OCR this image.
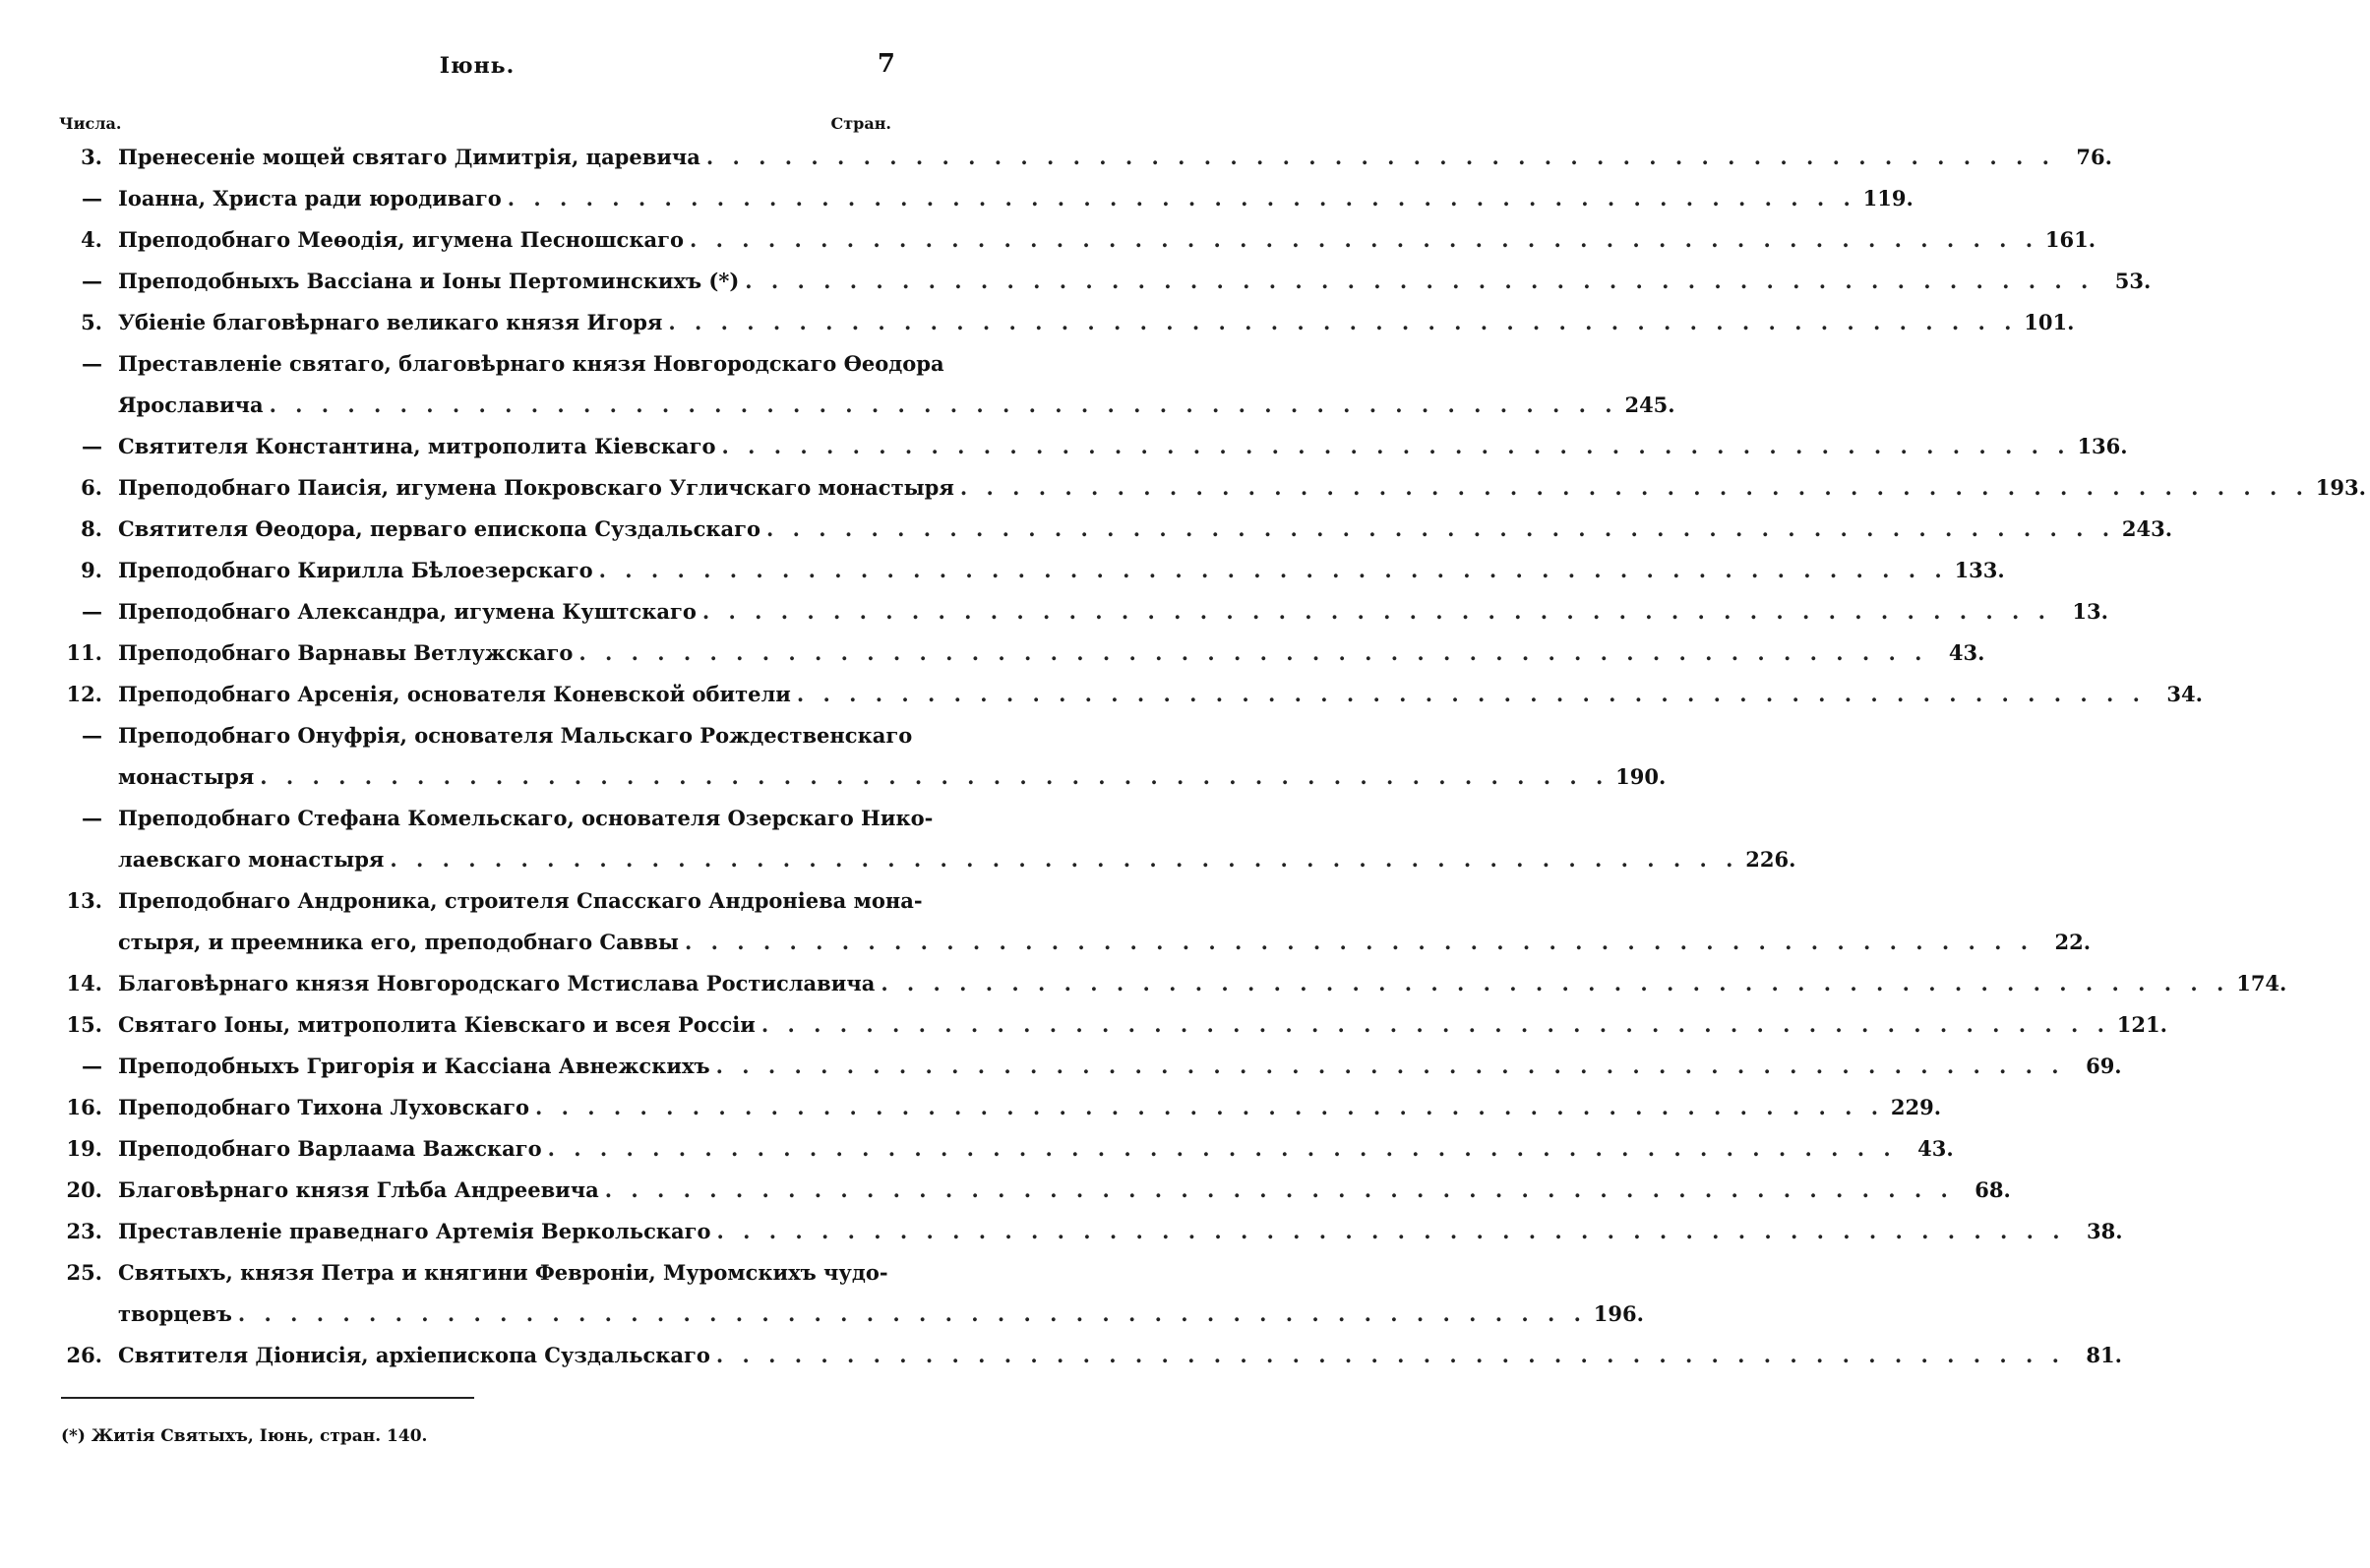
Іюнь.	7
Числа.	Стран.
3. Пренесеніе мощей святаго Димитрія, царевича . . .	76.
— Іоанна, Христа ради юродиваго . . .	119.
4. Преподобнаго Меѳодія, игумена Песношскаго . . .	161.
— Преподобныхъ Вассіана и Іоны Пертоминскихъ (*) . . .	53.
5. Убіеніе благовѣрнаго великаго князя Игоря . . .	101.
— Преставленіе святаго, благовѣрнаго князя Новгородскаго Ѳеодора
Ярославича . . .	245.
— Святителя Константина, митрополита Кіевскаго . . .	136.
6. Преподобнаго Паисія, игумена Покровскаго Угличскаго монастыря . . .	193.
8. Святителя Ѳеодора, перваго епископа Суздальскаго . . .	243.
9. Преподобнаго Кирилла Бѣлоезерскаго . . .	133.
— Преподобнаго Александра, игумена Куштскаго . . .	13.
11. Преподобнаго Варнавы Ветлужскаго . . .	43.
12. Преподобнаго Арсенія, основателя Коневской обители . . .	34.
— Преподобнаго Онуфрія, основателя Мальскаго Рождественскаго
монастыря . . .	190.
— Преподобнаго Стефана Комельскаго, основателя Озерскаго Нико-
лаевскаго монастыря . . .	226.
13. Преподобнаго Андроника, строителя Спасскаго Андроніева мона-
стыря, и преемника его, преподобнаго Саввы . . .	22.
14. Благовѣрнаго князя Новгородскаго Мстислава Ростиславича . . .	174.
15. Святаго Іоны, митрополита Кіевскаго и всея Россіи . . .	121.
— Преподобныхъ Григорія и Кассіана Авнежскихъ . . .	69.
16. Преподобнаго Тихона Луховскаго . . .	229.
19. Преподобнаго Варлаама Важскаго . . .	43.
20. Благовѣрнаго князя Глѣба Андреевича . . .	68.
23. Преставленіе праведнаго Артемія Веркольскаго . . .	38.
25. Святыхъ, князя Петра и княгини Февроніи, Муромскихъ чудо-
творцевъ . . .	196.
26. Святителя Діонисія, архіепископа Суздальскаго . . .	81.
(*) Житія Святыхъ, Іюнь, стран. 140.
